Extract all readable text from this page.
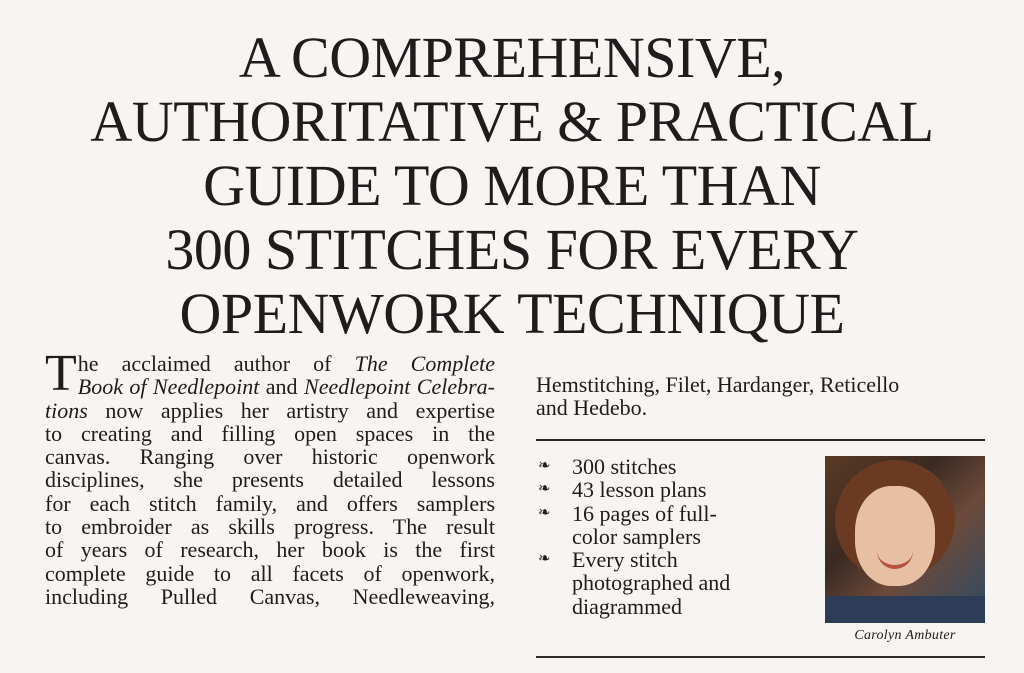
A COMPREHENSIVE,
AUTHORITATIVE & PRACTICAL
GUIDE TO MORE THAN
300 STITCHES FOR EVERY
OPENWORK TECHNIQUE
T he acclaimed author of The Complete
Book of Needlepoint and Needlepoint Celebra-
tions now applies her artistry and expertise
to creating and filling open spaces in the
canvas. Ranging over historic openwork
disciplines, she presents detailed lessons
for each stitch family, and offers samplers
to embroider as skills progress. The result
of years of research, her book is the first
complete guide to all facets of openwork,
including Pulled Canvas, Needleweaving,
Hemstitching, Filet, Hardanger, Reticello
and Hedebo.
❧ 300 stitches
❧ 43 lesson plans
❧ 16 pages of full-
color samplers
❧ Every stitch
photographed and
diagrammed
Carolyn Ambuter
